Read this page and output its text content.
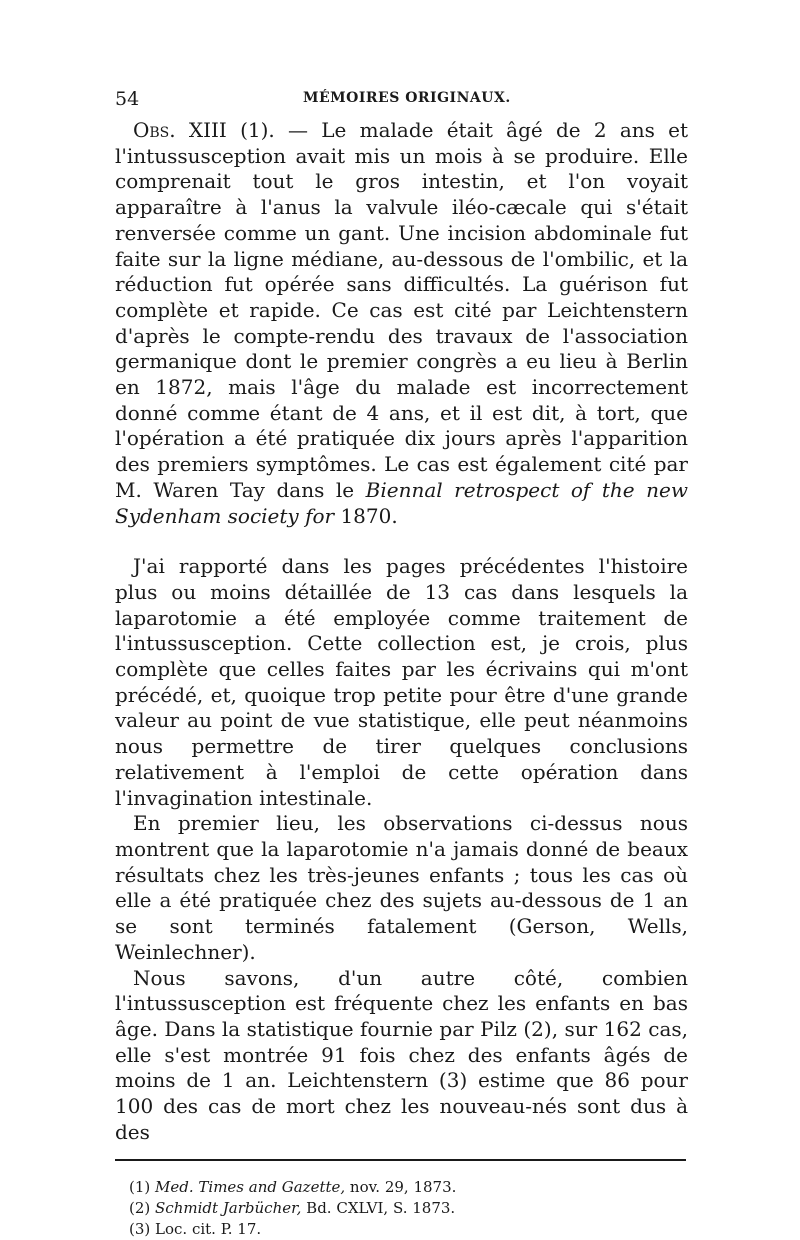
54	MÉMOIRES ORIGINAUX.

Obs. XIII (1). — Le malade était âgé de 2 ans et l'intussusception avait mis un mois à se produire. Elle comprenait tout le gros intestin, et l'on voyait apparaître à l'anus la valvule iléo-cæcale qui s'était renversée comme un gant. Une incision abdominale fut faite sur la ligne médiane, au-dessous de l'ombilic, et la réduction fut opérée sans difficultés. La guérison fut complète et rapide. Ce cas est cité par Leichtenstern d'après le compte-rendu des travaux de l'association germanique dont le premier congrès a eu lieu à Berlin en 1872, mais l'âge du malade est incorrectement donné comme étant de 4 ans, et il est dit, à tort, que l'opération a été pratiquée dix jours après l'apparition des premiers symptômes. Le cas est également cité par M. Waren Tay dans le Biennal retrospect of the new Sydenham society for 1870.

J'ai rapporté dans les pages précédentes l'histoire plus ou moins détaillée de 13 cas dans lesquels la laparotomie a été employée comme traitement de l'intussusception. Cette collection est, je crois, plus complète que celles faites par les écrivains qui m'ont précédé, et, quoique trop petite pour être d'une grande valeur au point de vue statistique, elle peut néanmoins nous permettre de tirer quelques conclusions relativement à l'emploi de cette opération dans l'invagination intestinale.

En premier lieu, les observations ci-dessus nous montrent que la laparotomie n'a jamais donné de beaux résultats chez les très-jeunes enfants ; tous les cas où elle a été pratiquée chez des sujets au-dessous de 1 an se sont terminés fatalement (Gerson, Wells, Weinlechner).

Nous savons, d'un autre côté, combien l'intussusception est fréquente chez les enfants en bas âge. Dans la statistique fournie par Pilz (2), sur 162 cas, elle s'est montrée 91 fois chez des enfants âgés de moins de 1 an. Leichtenstern (3) estime que 86 pour 100 des cas de mort chez les nouveau-nés sont dus à des

(1) Med. Times and Gazette, nov. 29, 1873.

(2) Schmidt Jarbücher, Bd. CXLVI, S. 1873.

(3) Loc. cit. P. 17.
